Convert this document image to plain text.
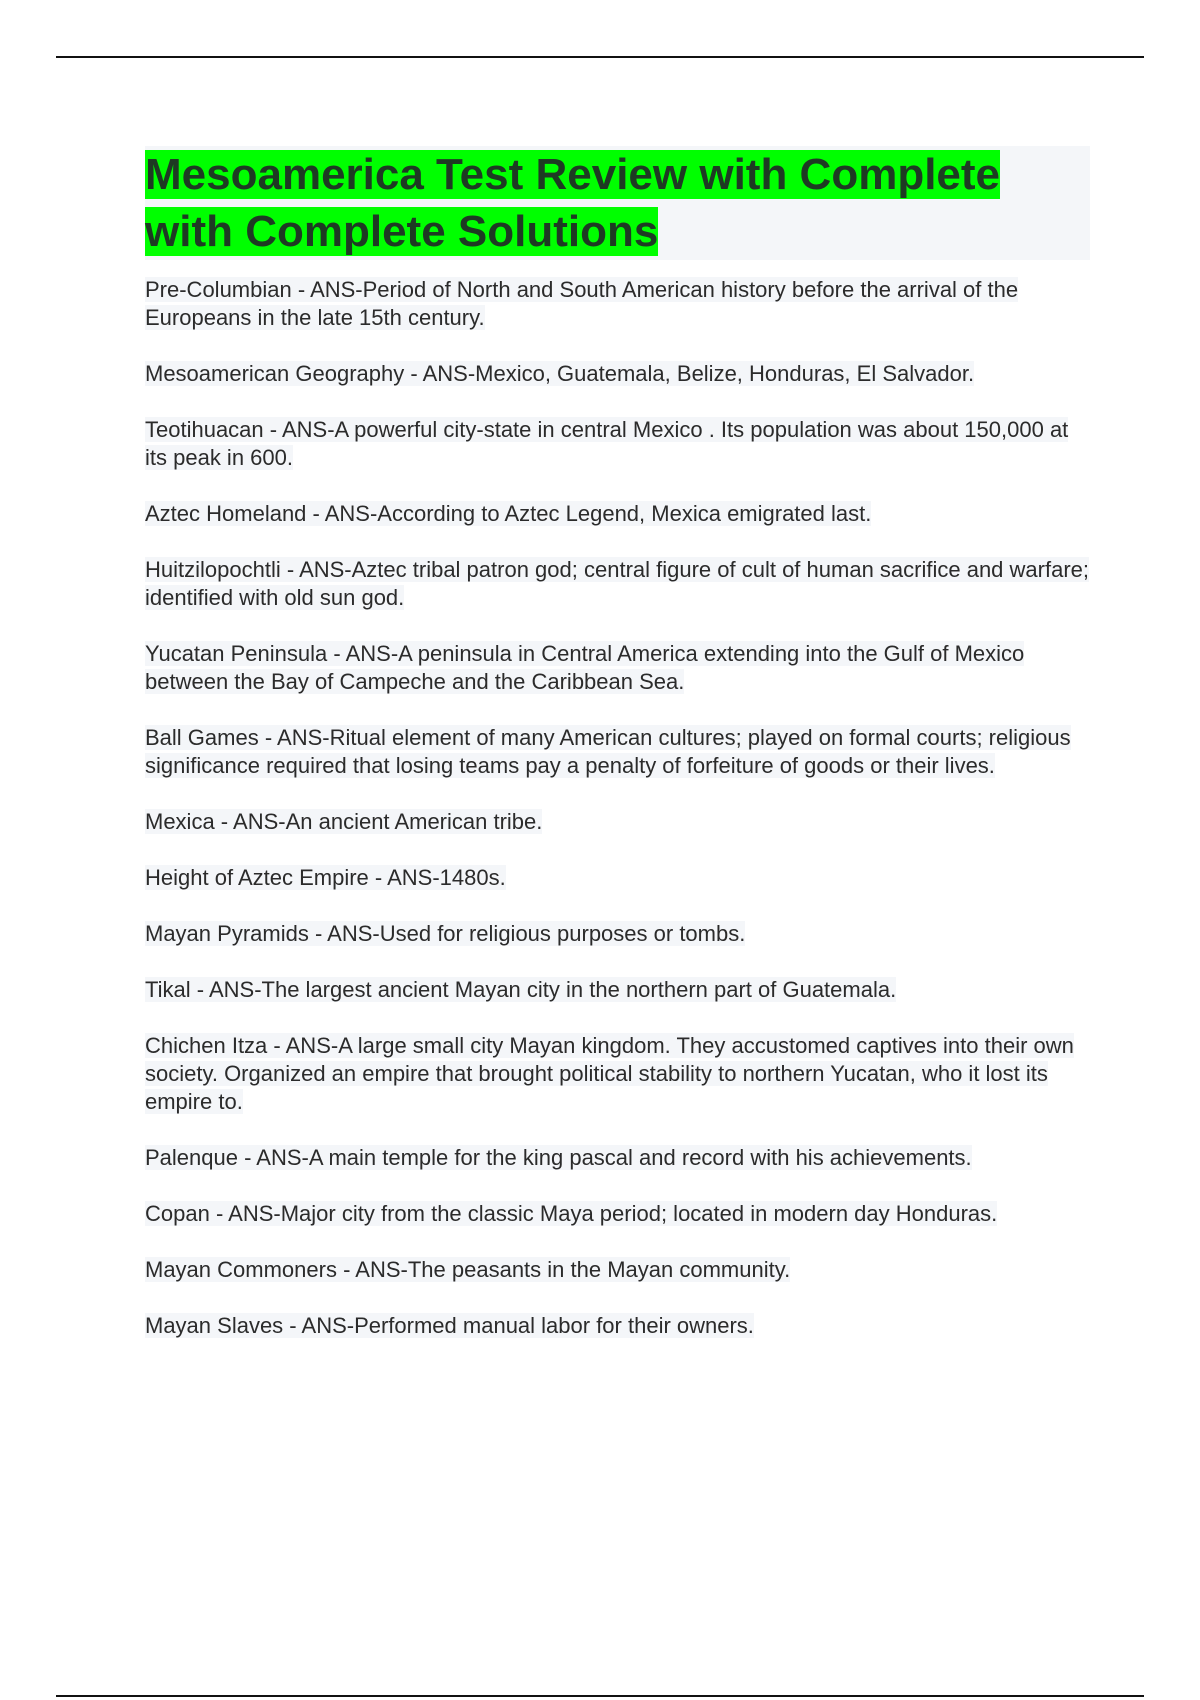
Mesoamerica Test Review with Complete with Complete Solutions

Pre-Columbian - ANS-Period of North and South American history before the arrival of the Europeans in the late 15th century.

Mesoamerican Geography - ANS-Mexico, Guatemala, Belize, Honduras, El Salvador.

Teotihuacan - ANS-A powerful city-state in central Mexico . Its population was about 150,000 at its peak in 600.

Aztec Homeland - ANS-According to Aztec Legend, Mexica emigrated last.

Huitzilopochtli - ANS-Aztec tribal patron god; central figure of cult of human sacrifice and warfare; identified with old sun god.

Yucatan Peninsula - ANS-A peninsula in Central America extending into the Gulf of Mexico between the Bay of Campeche and the Caribbean Sea.

Ball Games - ANS-Ritual element of many American cultures; played on formal courts; religious significance required that losing teams pay a penalty of forfeiture of goods or their lives.

Mexica - ANS-An ancient American tribe.

Height of Aztec Empire - ANS-1480s.

Mayan Pyramids - ANS-Used for religious purposes or tombs.

Tikal - ANS-The largest ancient Mayan city in the northern part of Guatemala.

Chichen Itza - ANS-A large small city Mayan kingdom. They accustomed captives into their own society. Organized an empire that brought political stability to northern Yucatan, who it lost its empire to.

Palenque - ANS-A main temple for the king pascal and record with his achievements.

Copan - ANS-Major city from the classic Maya period; located in modern day Honduras.

Mayan Commoners - ANS-The peasants in the Mayan community.

Mayan Slaves - ANS-Performed manual labor for their owners.
